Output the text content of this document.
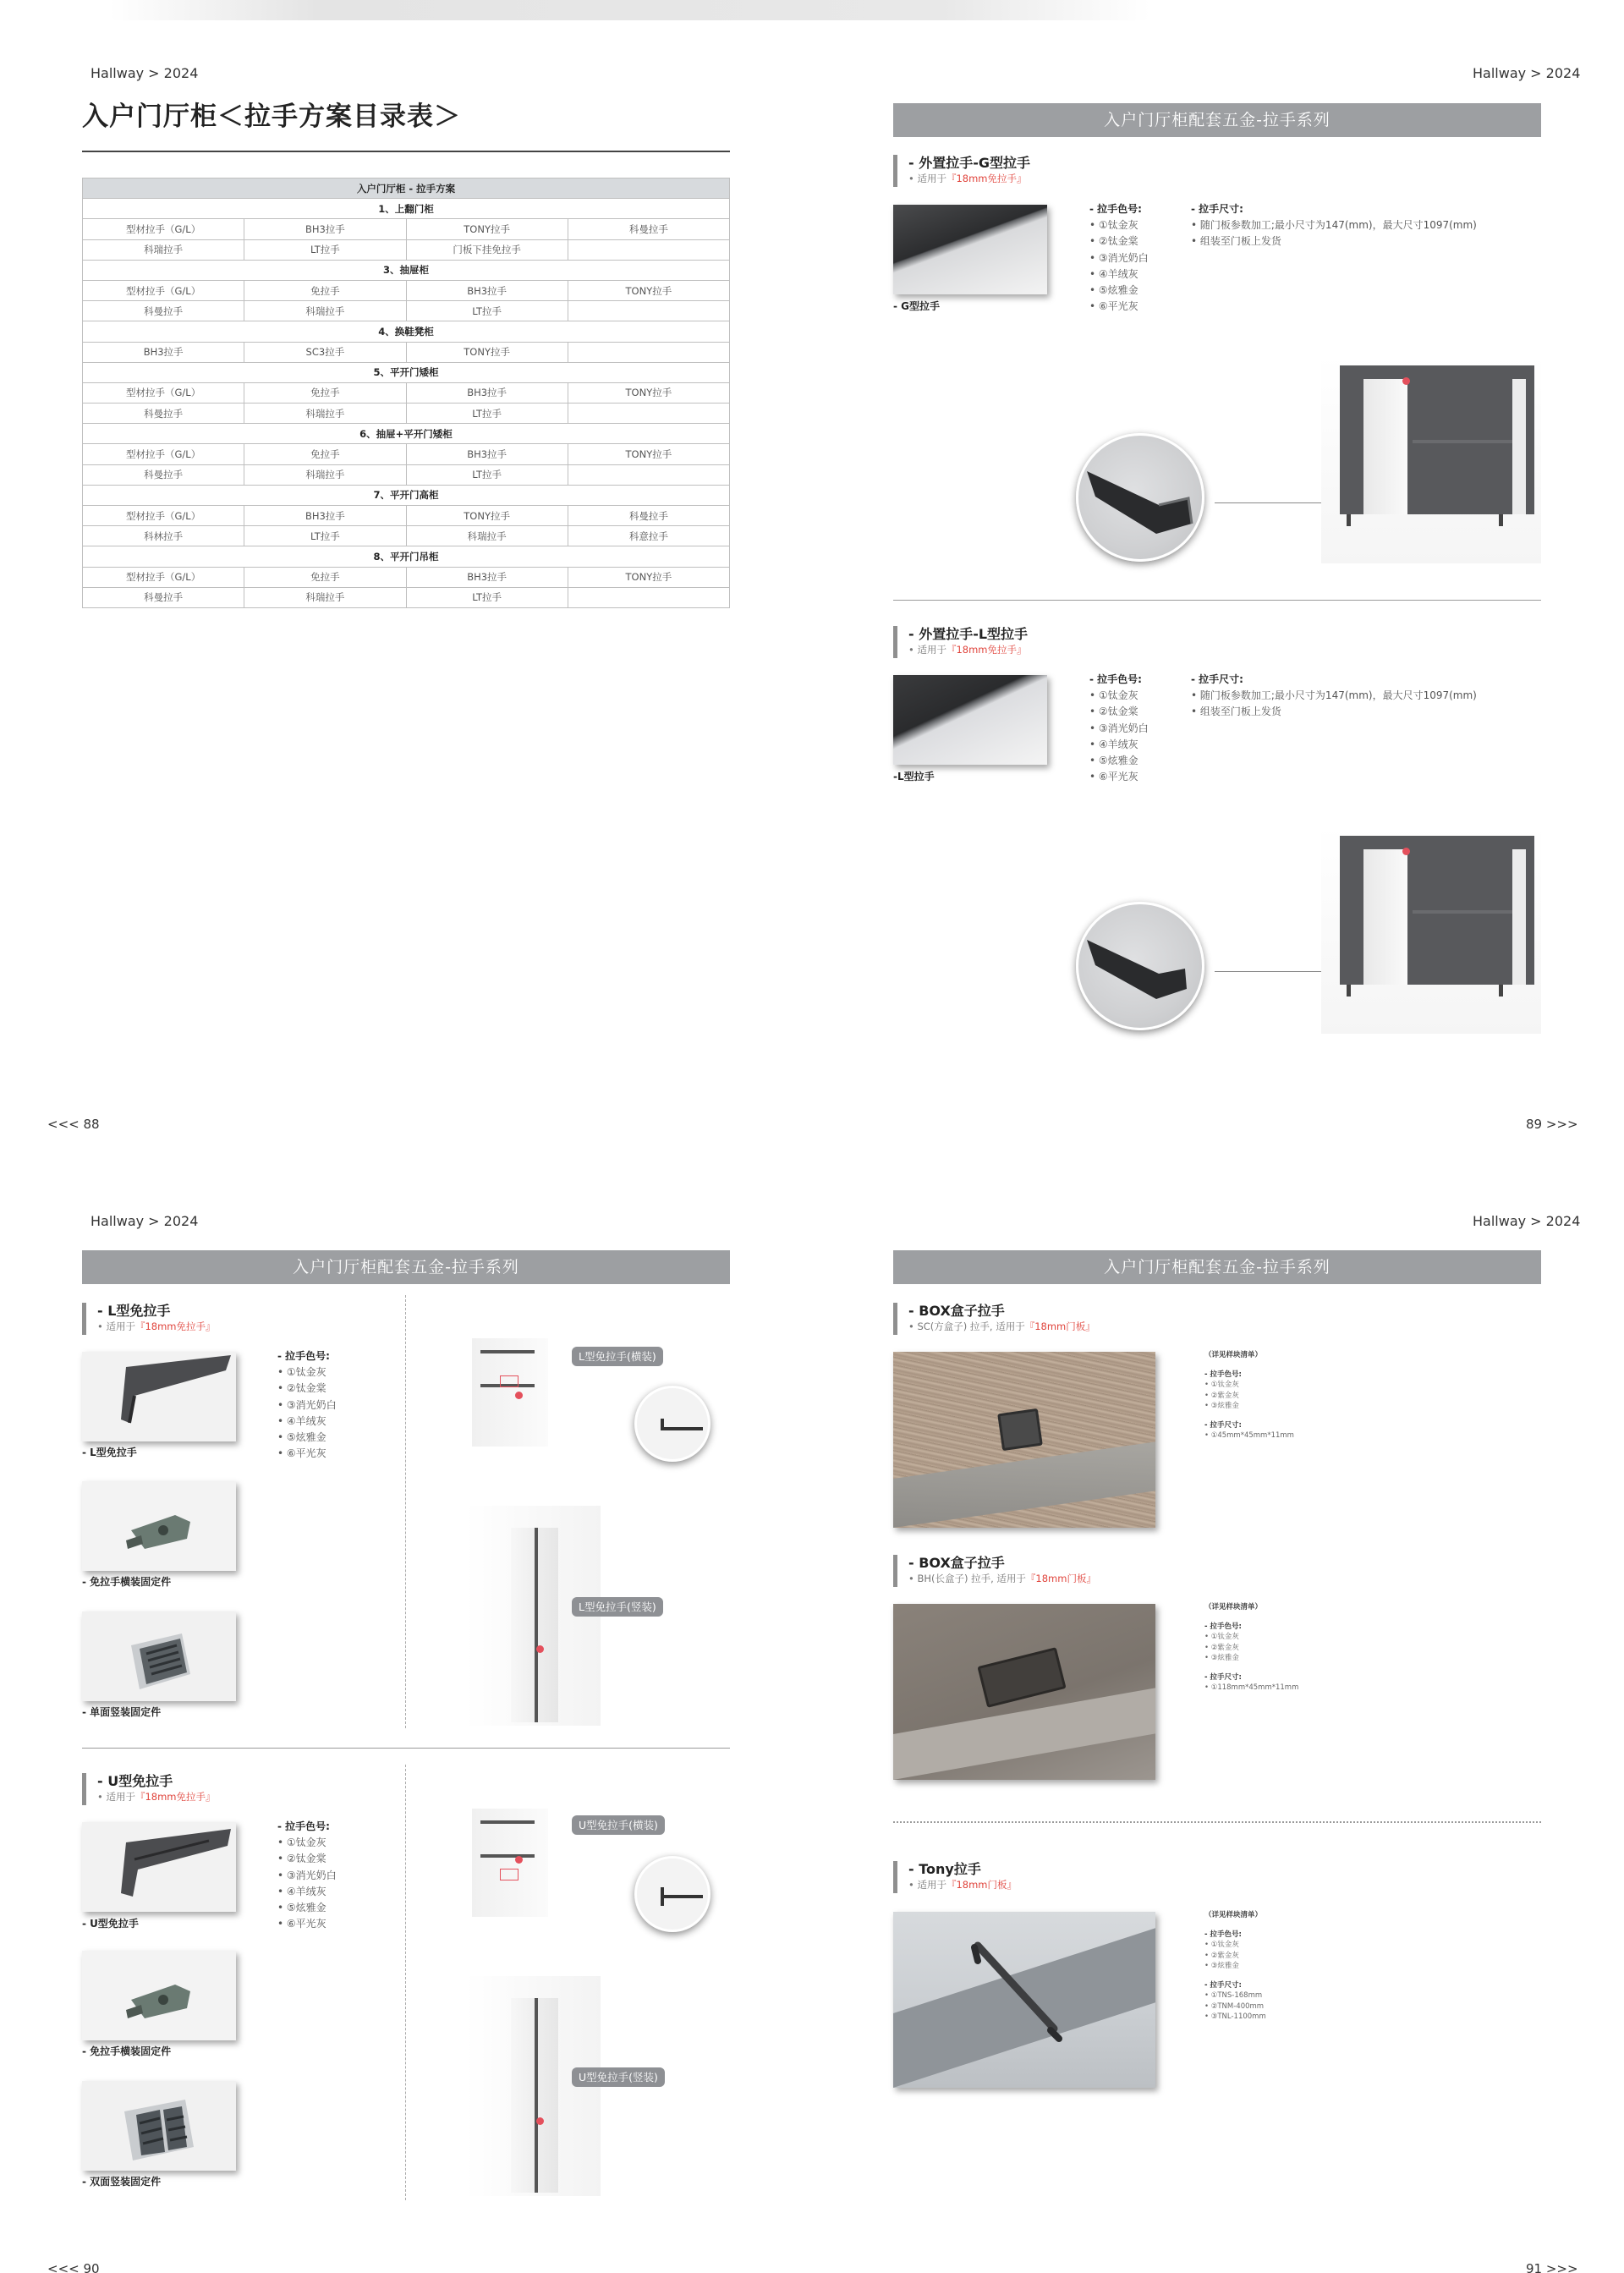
Hallway > 2024	Hallway > 2024
入户门厅柜＜拉手方案目录表＞
入户门厅柜 - 拉手方案			
1、上翻门柜			
型材拉手（G/L）	BH3拉手	TONY拉手	科曼拉手
科瑞拉手	LT拉手	门板下挂免拉手	
3、抽屉柜			
型材拉手（G/L）	免拉手	BH3拉手	TONY拉手
科曼拉手	科瑞拉手	LT拉手	
4、换鞋凳柜			
BH3拉手	SC3拉手	TONY拉手	
5、平开门矮柜			
型材拉手（G/L）	免拉手	BH3拉手	TONY拉手
科曼拉手	科瑞拉手	LT拉手	
6、抽屉+平开门矮柜			
型材拉手（G/L）	免拉手	BH3拉手	TONY拉手
科曼拉手	科瑞拉手	LT拉手	
7、平开门高柜			
型材拉手（G/L）	BH3拉手	TONY拉手	科曼拉手
科林拉手	LT拉手	科瑞拉手	科意拉手
8、平开门吊柜			
型材拉手（G/L）	免拉手	BH3拉手	TONY拉手
科曼拉手	科瑞拉手	LT拉手	
<<< 88
入户门厅柜配套五金-拉手系列
- 外置拉手-G型拉手
• 适用于『18mm免拉手』
- G型拉手
- 拉手色号:
• ①钛金灰
• ②钛金棠
• ③消光奶白
• ④羊绒灰
• ⑤炫雅金
• ⑥平光灰
- 拉手尺寸:
• 随门板参数加工;最小尺寸为147(mm)，最大尺寸1097(mm)
• 组装至门板上发货
- 外置拉手-L型拉手
• 适用于『18mm免拉手』
-L型拉手
- 拉手色号:
• ①钛金灰
• ②钛金棠
• ③消光奶白
• ④羊绒灰
• ⑤炫雅金
• ⑥平光灰
- 拉手尺寸:
• 随门板参数加工;最小尺寸为147(mm)，最大尺寸1097(mm)
• 组装至门板上发货
89 >>>
Hallway > 2024	Hallway > 2024
入户门厅柜配套五金-拉手系列
- L型免拉手
• 适用于『18mm免拉手』
- L型免拉手
- 拉手色号:
• ①钛金灰
• ②钛金棠
• ③消光奶白
• ④羊绒灰
• ⑤炫雅金
• ⑥平光灰
- 免拉手横装固定件
- 单面竖装固定件
L型免拉手(横装)
L型免拉手(竖装)
- U型免拉手
• 适用于『18mm免拉手』
- U型免拉手
- 拉手色号:
• ①钛金灰
• ②钛金棠
• ③消光奶白
• ④羊绒灰
• ⑤炫雅金
• ⑥平光灰
- 免拉手横装固定件
- 双面竖装固定件
U型免拉手(横装)
U型免拉手(竖装)
<<< 90
入户门厅柜配套五金-拉手系列
- BOX盒子拉手
• SC(方盒子) 拉手, 适用于『18mm门板』
（详见样块清单）
- 拉手色号:
• ①钛金灰
• ②紫金灰
• ③炫雅金
- 拉手尺寸:
• ①45mm*45mm*11mm
- BOX盒子拉手
• BH(长盒子) 拉手, 适用于『18mm门板』
（详见样块清单）
- 拉手色号:
• ①钛金灰
• ②紫金灰
• ③炫雅金
- 拉手尺寸:
• ①118mm*45mm*11mm
- Tony拉手
• 适用于『18mm门板』
（详见样块清单）
- 拉手色号:
• ①钛金灰
• ②紫金灰
• ③炫雅金
- 拉手尺寸:
• ①TNS-168mm
• ②TNM-400mm
• ③TNL-1100mm
91 >>>
